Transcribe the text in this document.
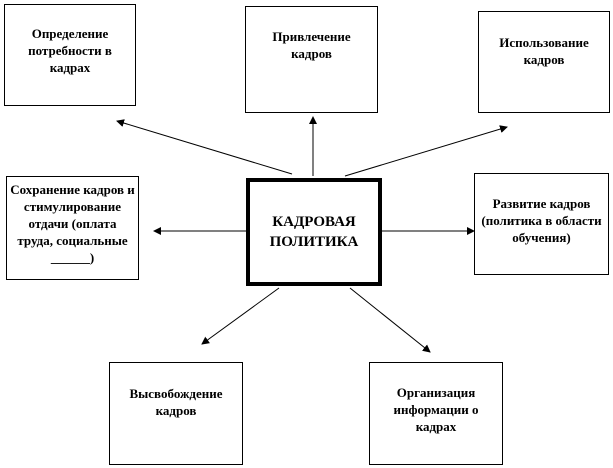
Определение потребности в кадрах
Привлечение кадров
Использование кадров
Сохранение кадров и стимулирование отдачи (оплата труда, социальные ______)
КАДРОВАЯ ПОЛИТИКА
Развитие кадров (политика в области обучения)
Высвобождение кадров
Организация информации о кадрах
